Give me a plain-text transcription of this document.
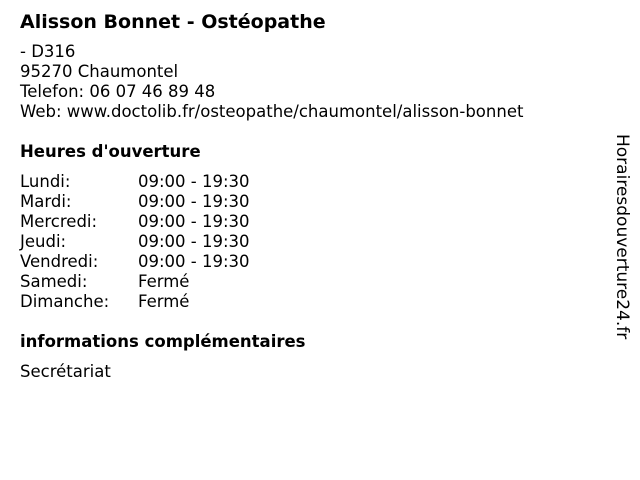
Alisson Bonnet - Ostéopathe
- D316
95270 Chaumontel
Telefon: 06 07 46 89 48
Web: www.doctolib.fr/osteopathe/chaumontel/alisson-bonnet
Heures d'ouverture
Lundi:	09:00 - 19:30
Mardi:	09:00 - 19:30
Mercredi:	09:00 - 19:30
Jeudi:	09:00 - 19:30
Vendredi:	09:00 - 19:30
Samedi:	Fermé
Dimanche:	Fermé
informations complémentaires
Secrétariat
Horairesdouverture24.fr
